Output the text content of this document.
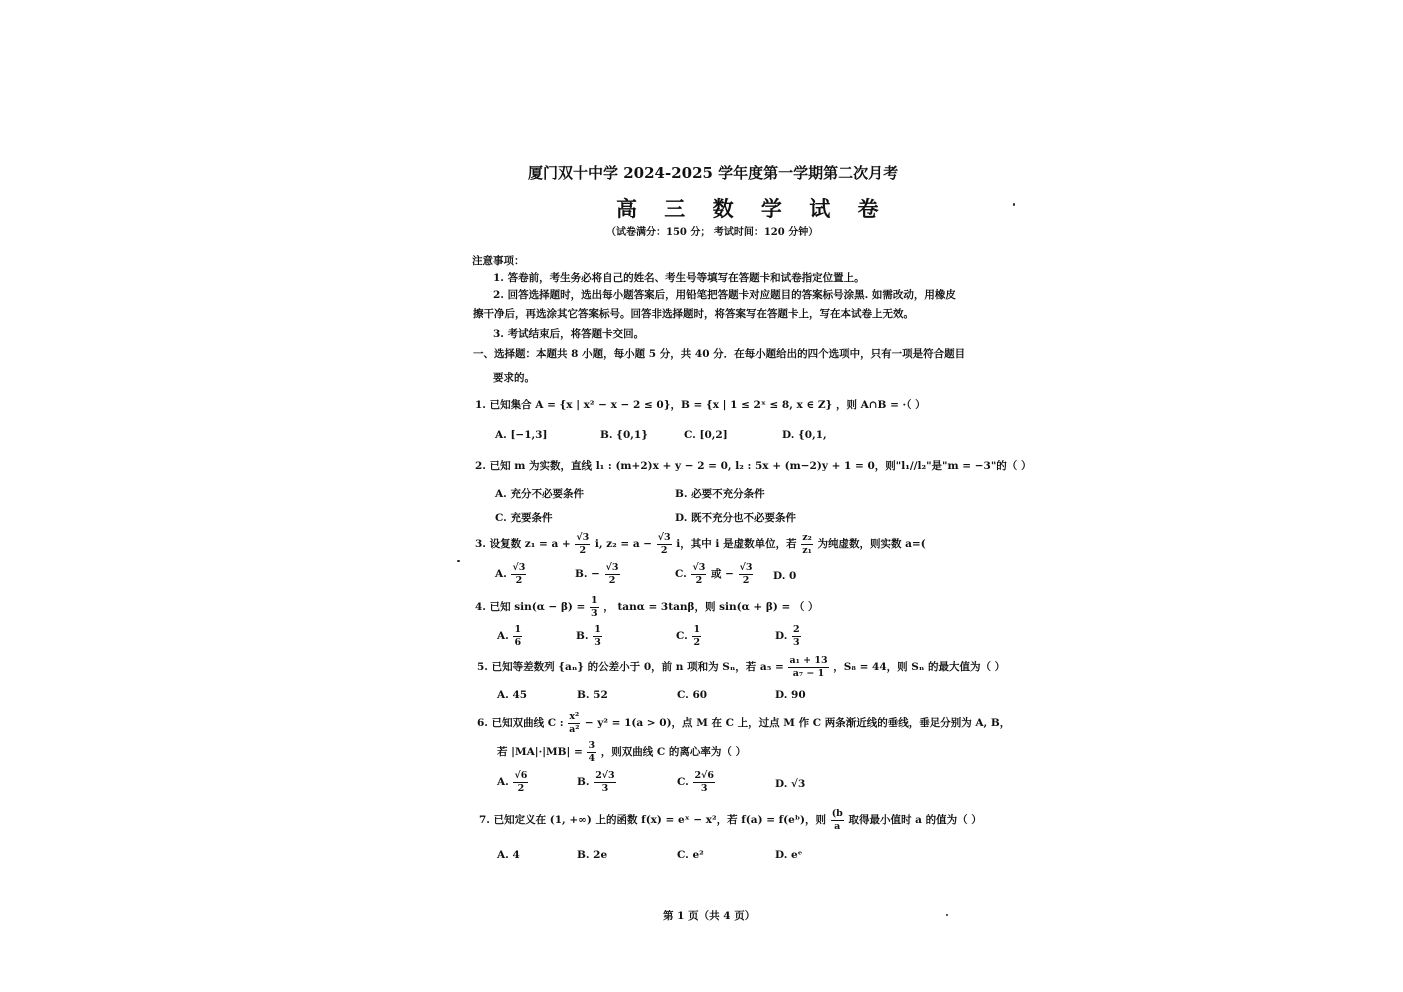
厦门双十中学 2024-2025 学年度第一学期第二次月考
高 三 数 学 试 卷
（试卷满分：150 分； 考试时间：120 分钟）
注意事项：
1. 答卷前，考生务必将自己的姓名、考生号等填写在答题卡和试卷指定位置上。
2. 回答选择题时，选出每小题答案后，用铅笔把答题卡对应题目的答案标号涂黑. 如需改动，用橡皮
擦干净后，再选涂其它答案标号。回答非选择题时，将答案写在答题卡上，写在本试卷上无效。
3. 考试结束后，将答题卡交回。
一、选择题：本题共 8 小题，每小题 5 分，共 40 分．在每小题给出的四个选项中，只有一项是符合题目
要求的。
1. 已知集合 A = {x | x² − x − 2 ≤ 0}，B = {x | 1 ≤ 2ˣ ≤ 8, x ∈ Z} ，则 A∩B = ·（ ）
A. [−1,3]	B. {0,1}	C. [0,2]	D. {0,1,
2. 已知 m 为实数，直线 l₁ : (m+2)x + y − 2 = 0, l₂ : 5x + (m−2)y + 1 = 0，则"l₁//l₂"是"m = −3"的（ ）
A. 充分不必要条件	B. 必要不充分条件
C. 充要条件	D. 既不充分也不必要条件
3. 设复数 $z_1 = a + \frac{√3}{2} i$, $z_2 = a - \frac{√3}{2}$ i，其中 i 是虚数单位，若 $\frac{\text{z₂}}{\text{z₁}}$ 为纯虚数，则实数 a=(
A. $\frac{√3}{2}$	B. − $\frac{√3}{2}$	C. $\frac{√3}{2}$ 或 − $\frac{√3}{2} D$. 0
4. 已知 $\sin(\alpha - \beta) = \frac{1}{3}$ ， tanα = 3tanβ，则 sin(α + β) = （ ）
A. $\frac{1}{6}$	B. $\frac{1}{3}$	C. $\frac{1}{2}$	D. $\frac{2}{3}$
5. 已知等差数列 {aₙ} 的公差小于 0，前 n 项和为 Sₙ，若 $a_5 = \frac{\text{a₁ + 13}}{\text{a₇ − 1}}$ ，S₈ = 44，则 Sₙ 的最大值为（ ）
A. 45	B. 52	C. 60	D. 90
6. 已知双曲线 C : $\frac{\text{x²}}{\text{a²}} - y^2 = 1(a > 0)$，点 M 在 C 上，过点 M 作 C 两条渐近线的垂线，垂足分别为 A, B，
若 $|MA|\cdot|MB| = \frac{3}{4}$ ，则双曲线 C 的离心率为（ ）
A. $\frac{√6}{2}$	B. $\frac{2√3}{3}$	C. $\frac{2√6}{3}$	D. √3
7. 已知定义在 (1, +∞) 上的函数 f(x) = eˣ − x²，若 f(a) = f(eᵇ)，则 $\frac{(b}{a}$ 取得最小值时 a 的值为（ ）
A. 4	B. 2e	C. e²	D. eᵉ
第 1 页（共 4 页）
